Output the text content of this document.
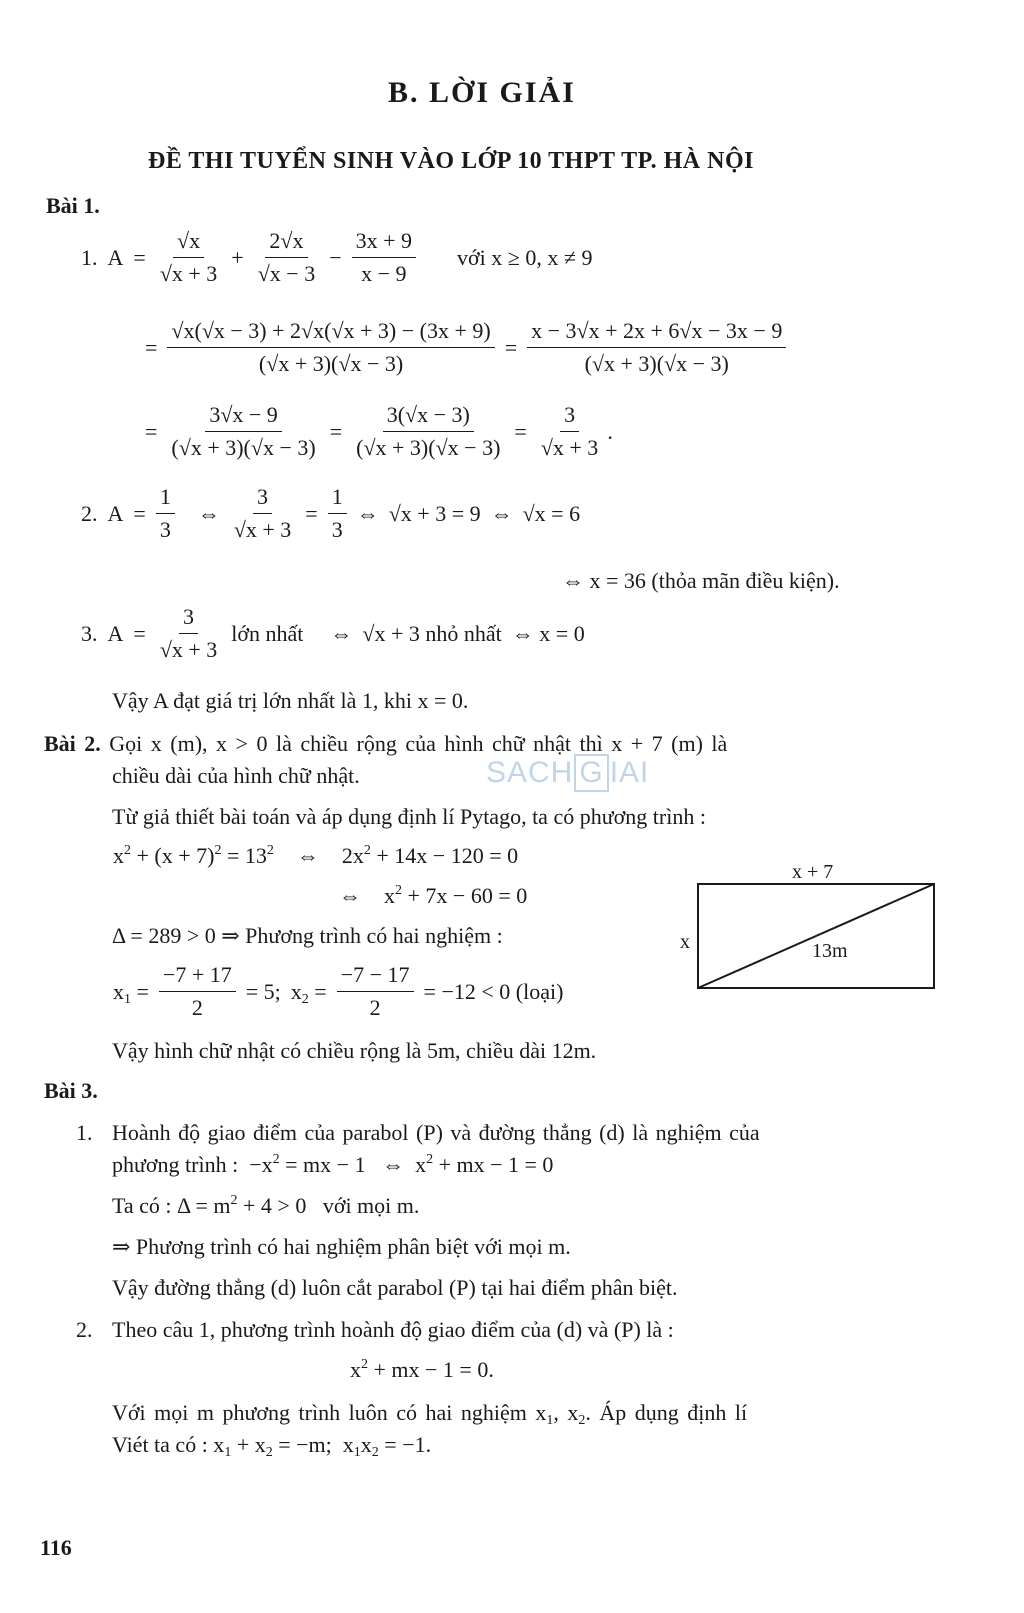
B. LỜI GIẢI
ĐỀ THI TUYỂN SINH VÀO LỚP 10 THPT TP. HÀ NỘI
Bài 1.
1. $A = \frac{√x}{√x + 3} + \frac{2√x}{√x - 3} - \frac{3x + 9}{x - 9}$ với x ≥ 0, x ≠ 9
= $\frac{√x(√x - 3) + 2√x(√x + 3) - (3x + 9)}{(√x + 3)(√x - 3)} = \frac{x - 3√x + 2x + 6√x - 3x - 9}{(√x + 3)(√x - 3)}$
= $\frac{3√x - 9}{(√x + 3)(√x - 3)} = \frac{3(√x - 3)}{(√x + 3)(√x - 3)} = \frac{3}{√x + 3}$ .
2. $A = \frac{1}{3}$ ⇔ $\frac{3}{√x + 3} = \frac{1}{3}$ ⇔ √x + 3 = 9 ⇔ √x = 6
⇔ x = 36 (thỏa mãn điều kiện).
3. $A = \frac{3}{√x + 3}$ lớn nhất ⇔ √x + 3 nhỏ nhất ⇔ x = 0
Vậy A đạt giá trị lớn nhất là 1, khi x = 0.
Bài 2. Gọi x (m), x > 0 là chiều rộng của hình chữ nhật thì x + 7 (m) là
chiều dài của hình chữ nhật.
Từ giả thiết bài toán và áp dụng định lí Pytago, ta có phương trình :
$x^2 + (x + 7)^2 = 13^2$ ⇔ $2x^2 + 14x - 120 = 0$
⇔ $x^2 + 7x - 60 = 0$
Δ = 289 > 0 ⇒ Phương trình có hai nghiệm :
$x_1 = \frac{-7 + 17}{2} = 5$; $x_2 = \frac{-7 - 17}{2} = -12 < 0$ (loại)
Vậy hình chữ nhật có chiều rộng là 5m, chiều dài 12m.
x + 7
x	13m
SACH G IAI
Bài 3.
1. Hoành độ giao điểm của parabol (P) và đường thẳng (d) là nghiệm của
phương trình :  $-x^2$ = mx − 1   ⇔  $x^2$ + mx − 1 = 0
Ta có : $\Delta = m^2 + 4 > 0$   với mọi m.
⇒ Phương trình có hai nghiệm phân biệt với mọi m.
Vậy đường thẳng (d) luôn cắt parabol (P) tại hai điểm phân biệt.
2. Theo câu 1, phương trình hoành độ giao điểm của (d) và (P) là :
$x^2$ + mx − 1 = 0.
Với mọi m phương trình luôn có hai nghiệm $x_1$, $x_2$. Áp dụng định lí
Viét ta có : $x_1 + x_2 = -m$;  $x_1x_2 = -1$.
116
